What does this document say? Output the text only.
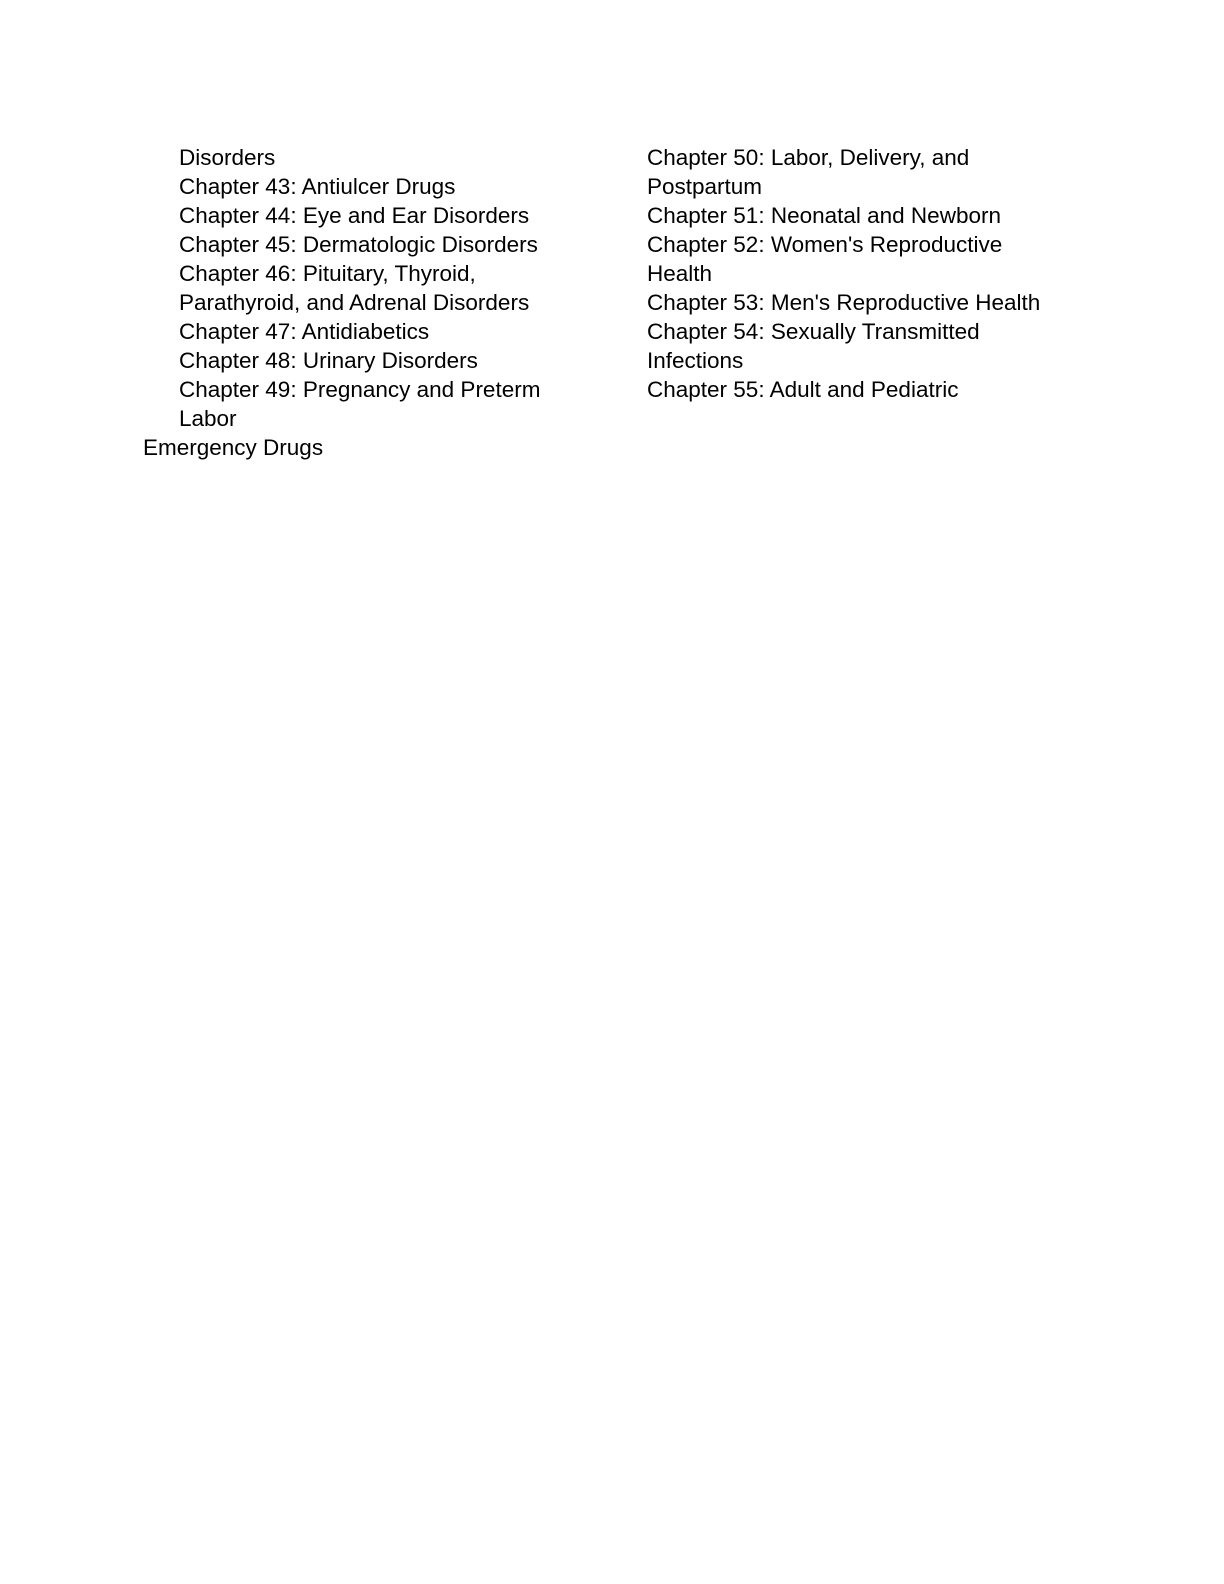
Disorders
Chapter 43: Antiulcer Drugs
Chapter 44: Eye and Ear Disorders
Chapter 45: Dermatologic Disorders
Chapter 46: Pituitary, Thyroid,
Parathyroid, and Adrenal Disorders
Chapter 47: Antidiabetics
Chapter 48: Urinary Disorders
Chapter 49: Pregnancy and Preterm
Labor
Emergency Drugs
Chapter 50: Labor, Delivery, and
Postpartum
Chapter 51: Neonatal and Newborn
Chapter 52: Women's Reproductive
Health
Chapter 53: Men's Reproductive Health
Chapter 54: Sexually Transmitted
Infections
Chapter 55: Adult and Pediatric
